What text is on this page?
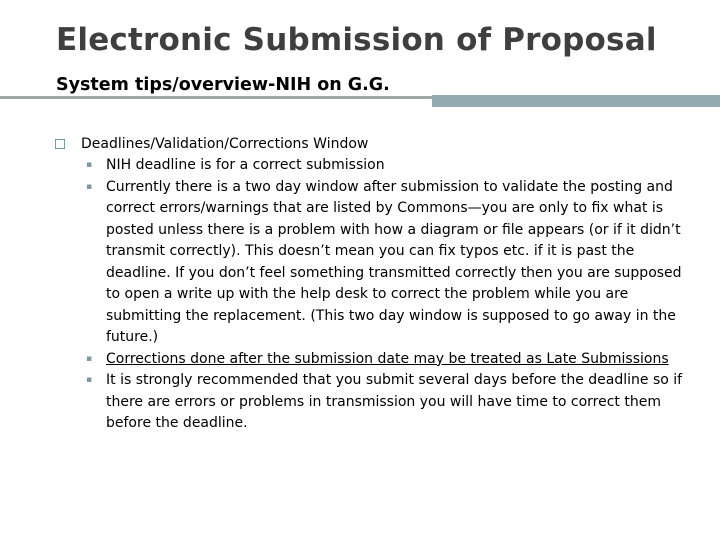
Electronic Submission of Proposal
System tips/overview-NIH on G.G.
Deadlines/Validation/Corrections Window
▪ NIH deadline is for a correct submission
▪ Currently there is a two day window after submission to validate the posting and correct errors/warnings that are listed by Commons—you are only to fix what is posted unless there is a problem with how a diagram or file appears (or if it didn’t transmit correctly). This doesn’t mean you can fix typos etc. if it is past the deadline. If you don’t feel something transmitted correctly then you are supposed to open a write up with the help desk to correct the problem while you are submitting the replacement. (This two day window is supposed to go away in the future.)
▪ Corrections done after the submission date may be treated as Late Submissions
▪ It is strongly recommended that you submit several days before the deadline so if there are errors or problems in transmission you will have time to correct them before the deadline.
